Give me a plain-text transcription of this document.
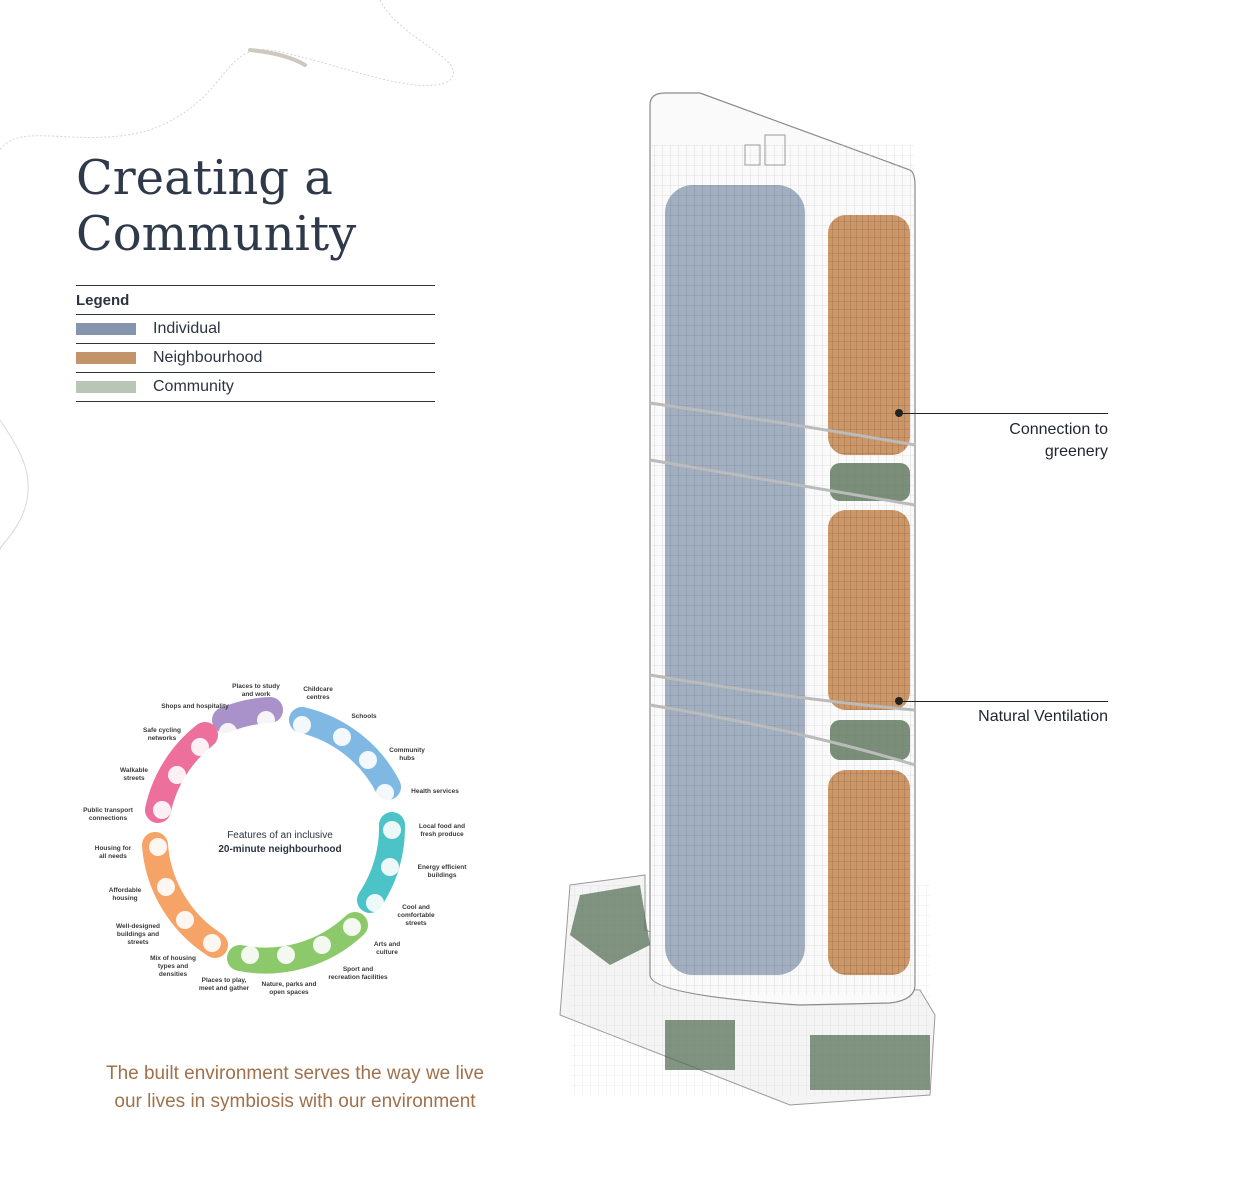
Creating a
Community
Legend
Individual
Neighbourhood
Community
Features of an inclusive
20-minute neighbourhood
Places to study
and work
Childcare
centres
Shops and hospitality
Schools
Safe cycling
networks
Community
hubs
Walkable
streets
Health services
Public transport
connections
Local food and
fresh produce
Housing for
all needs
Energy efficient
buildings
Affordable
housing
Cool and
comfortable
streets
Well-designed
buildings and
streets	Arts and
culture
Mix of housing
types and
densities
Sport and
recreation facilities
Places to play,
meet and gather
Nature, parks and
open spaces
Connection to
greenery
Natural Ventilation
The built environment serves the way we live
our lives in symbiosis with our environment
